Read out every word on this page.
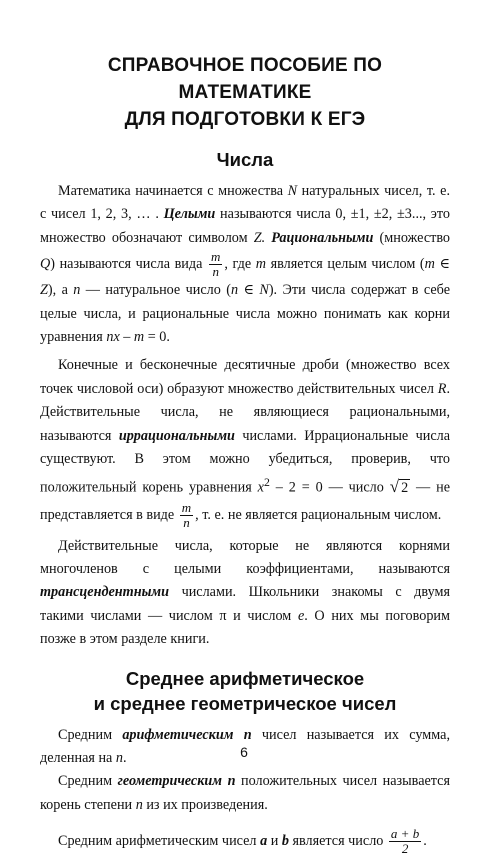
СПРАВОЧНОЕ ПОСОБИЕ ПО МАТЕМАТИКЕ
ДЛЯ ПОДГОТОВКИ К ЕГЭ
Числа

Математика начинается с множества N натуральных чисел, т. е. с чисел 1, 2, 3, … . Целыми называются числа 0, ±1, ±2, ±3..., это множество обозначают символом Z. Рациональными (множество Q) называются числа вида $\frac{m}{n}$ , где m является целым числом (m ∈ Z), а n — натуральное число (n ∈ N). Эти числа содержат в себе целые числа, и рациональные числа можно понимать как корни уравнения nx – m = 0.

Конечные и бесконечные десятичные дроби (множество всех точек числовой оси) образуют множество действительных чисел R. Действительные числа, не являющиеся рациональными, называются иррациональными числами. Иррациональные числа существуют. В этом можно убедиться, проверив, что положительный корень уравнения $x^2 - 2 = 0$ — число √ 2 — не представляется в виде $\frac{m}{n}$ , т. е. не является рациональным числом.

Действительные числа, которые не являются корнями многочленов с целыми коэффициентами, называются трансцендентными числами. Школьники знакомы с двумя такими числами — числом π и числом e. О них мы поговорим позже в этом разделе книги.

Среднее арифметическое
и среднее геометрическое чисел

Средним арифметическим n чисел называется их сумма, деленная на n.

Средним геометрическим n положительных чисел называется корень степени n из их произведения.

Средним арифметическим чисел a и b является число $\frac{a + b}{2}$ .

6
